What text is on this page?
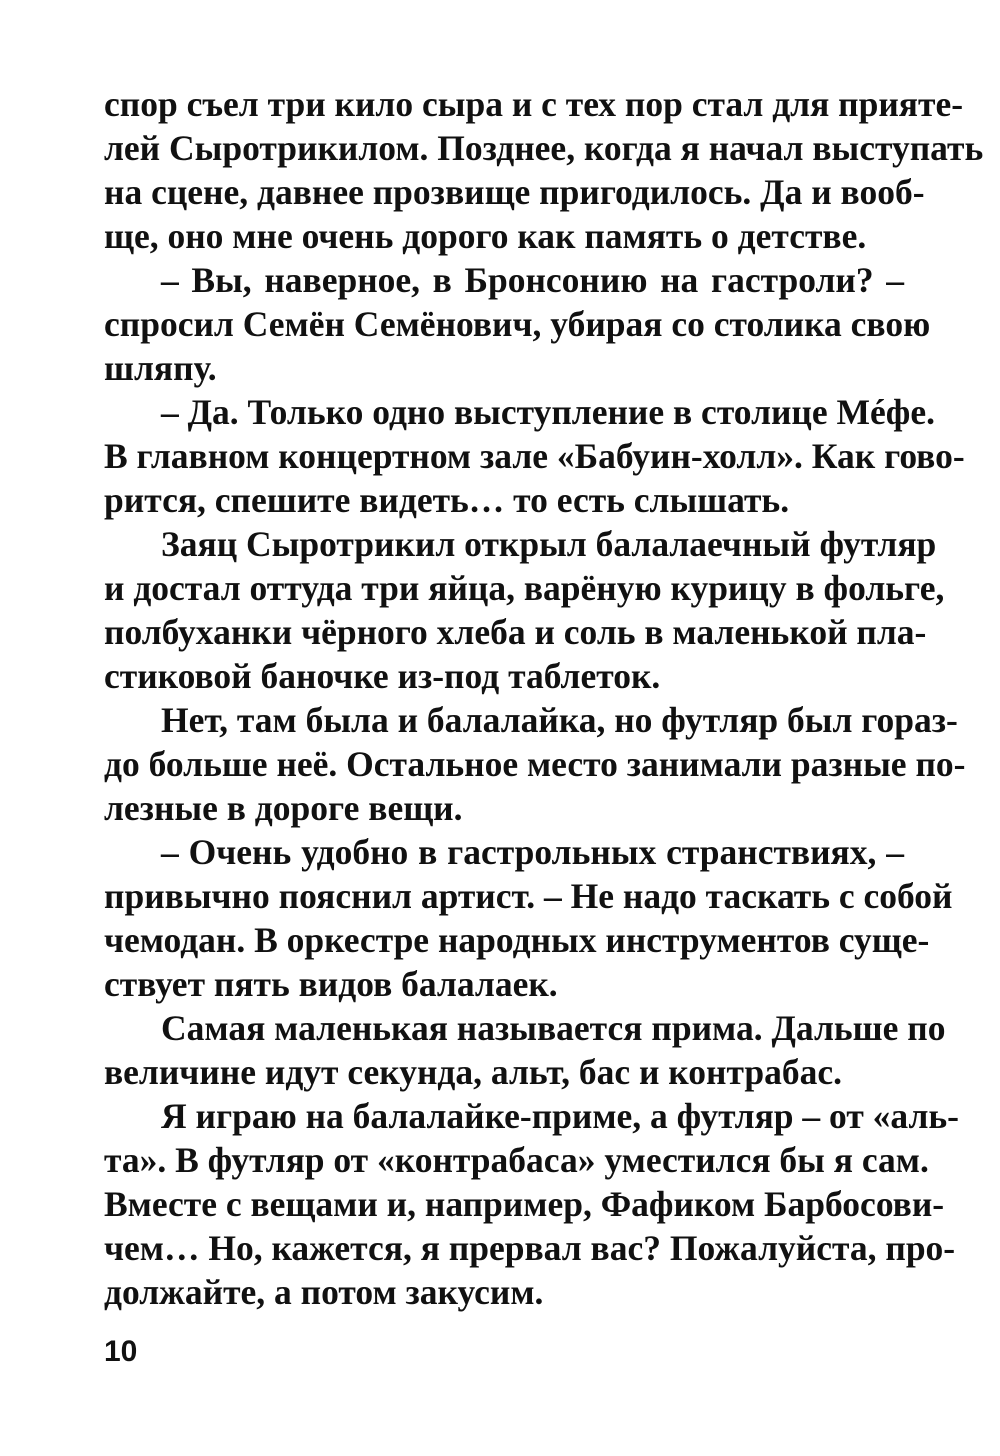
спор съел три кило сыра и с тех пор стал для прияте-
лей Сыротрикилом. Позднее, когда я начал выступать
на сцене, давнее прозвище пригодилось. Да и вооб-
ще, оно мне очень дорого как память о детстве.
– Вы, наверное, в Бронсонию на гастроли? –
спросил Семён Семёнович, убирая со столика свою
шляпу.
– Да. Только одно выступление в столице Мéфе.
В главном концертном зале «Бабуин-холл». Как гово-
рится, спешите видеть… то есть слышать.
Заяц Сыротрикил открыл балалаечный футляр
и достал оттуда три яйца, варёную курицу в фольге,
полбуханки чёрного хлеба и соль в маленькой пла-
стиковой баночке из-под таблеток.
Нет, там была и балалайка, но футляр был гораз-
до больше неё. Остальное место занимали разные по-
лезные в дороге вещи.
– Очень удобно в гастрольных странствиях, –
привычно пояснил артист. – Не надо таскать с собой
чемодан. В оркестре народных инструментов суще-
ствует пять видов балалаек.
Самая маленькая называется прима. Дальше по
величине идут секунда, альт, бас и контрабас.
Я играю на балалайке-приме, а футляр – от «аль-
та». В футляр от «контрабаса» уместился бы я сам.
Вместе с вещами и, например, Фафиком Барбосови-
чем… Но, кажется, я прервал вас? Пожалуйста, про-
должайте, а потом закусим.
10
